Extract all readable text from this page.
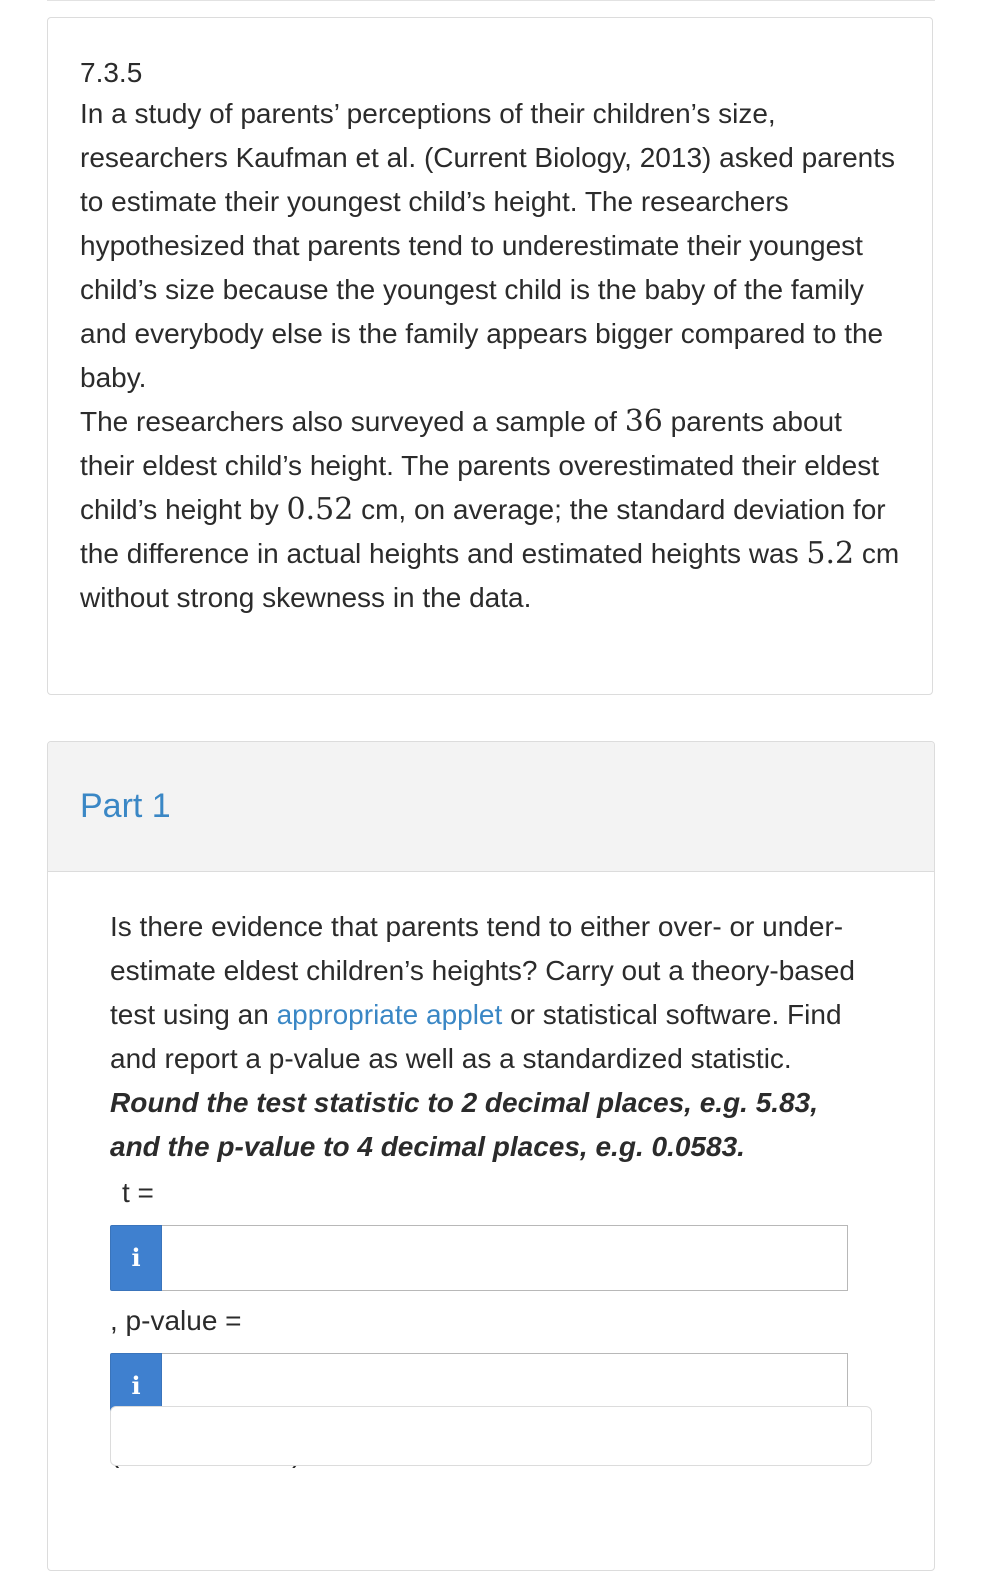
7.3.5

In a study of parents’ perceptions of their children’s size, researchers Kaufman et al. (Current Biology, 2013) asked parents to estimate their youngest child’s height. The researchers hypothesized that parents tend to underestimate their youngest child’s size because the youngest child is the baby of the family and everybody else is the family appears bigger compared to the baby.

The researchers also surveyed a sample of 36 parents about their eldest child’s height. The parents overestimated their eldest child’s height by 0.52 cm, on average; the standard deviation for the difference in actual heights and estimated heights was 5.2 cm without strong skewness in the data.

Part 1

Is there evidence that parents tend to either over- or under-estimate eldest children’s heights? Carry out a theory-based test using an appropriate applet or statistical software. Find and report a p-value as well as a standardized statistic. Round the test statistic to 2 decimal places, e.g. 5.83, and the p-value to 4 decimal places, e.g. 0.0583.

t =
i
, p-value =
i
